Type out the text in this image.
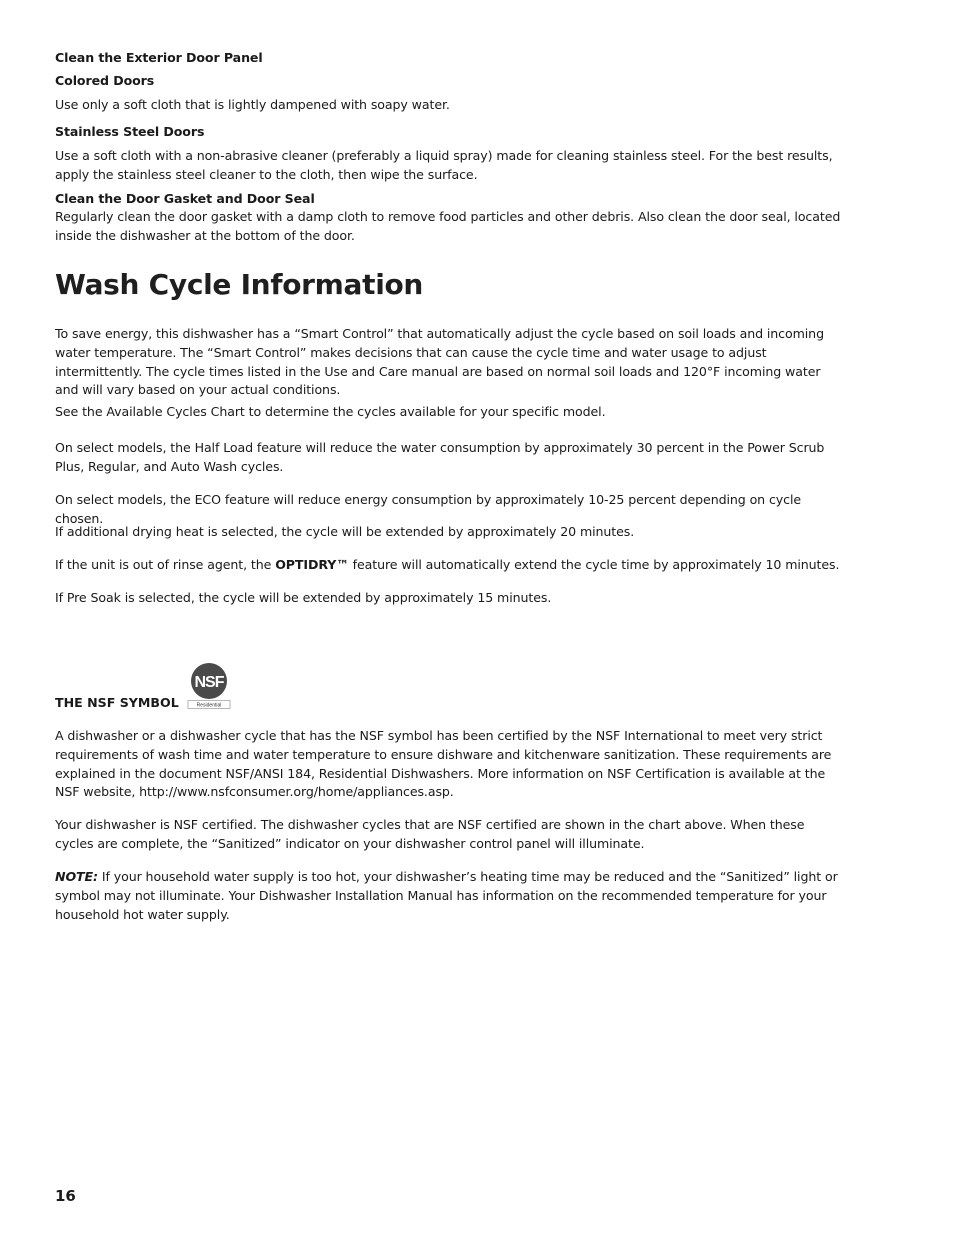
Clean the Exterior Door Panel
Colored Doors
Use only a soft cloth that is lightly dampened with soapy water.
Stainless Steel Doors
Use a soft cloth with a non-abrasive cleaner (preferably a liquid spray) made for cleaning stainless steel. For the best results, apply the stainless steel cleaner to the cloth, then wipe the surface.
Clean the Door Gasket and Door Seal
Regularly clean the door gasket with a damp cloth to remove food particles and other debris. Also clean the door seal, located inside the dishwasher at the bottom of the door.
Wash Cycle Information
To save energy, this dishwasher has a “Smart Control” that automatically adjust the cycle based on soil loads and incoming water temperature. The “Smart Control” makes decisions that can cause the cycle time and water usage to adjust intermittently. The cycle times listed in the Use and Care manual are based on normal soil loads and 120°F incoming water and will vary based on your actual conditions.
See the Available Cycles Chart to determine the cycles available for your specific model.
On select models, the Half Load feature will reduce the water consumption by approximately 30 percent in the Power Scrub Plus, Regular, and Auto Wash cycles.
On select models, the ECO feature will reduce energy consumption by approximately 10-25 percent depending on cycle chosen.
If additional drying heat is selected, the cycle will be extended by approximately 20 minutes.
If the unit is out of rinse agent, the OPTIDRY™ feature will automatically extend the cycle time by approximately 10 minutes.
If Pre Soak is selected, the cycle will be extended by approximately 15 minutes.
THE NSF SYMBOL
NSF
Residential
A dishwasher or a dishwasher cycle that has the NSF symbol has been certified by the NSF International to meet very strict requirements of wash time and water temperature to ensure dishware and kitchenware sanitization. These requirements are explained in the document NSF/ANSI 184, Residential Dishwashers. More information on NSF Certification is available at the NSF website, http://www.nsfconsumer.org/home/appliances.asp.
Your dishwasher is NSF certified. The dishwasher cycles that are NSF certified are shown in the chart above. When these cycles are complete, the “Sanitized” indicator on your dishwasher control panel will illuminate.
NOTE: If your household water supply is too hot, your dishwasher’s heating time may be reduced and the “Sanitized” light or symbol may not illuminate. Your Dishwasher Installation Manual has information on the recommended temperature for your household hot water supply.
16
